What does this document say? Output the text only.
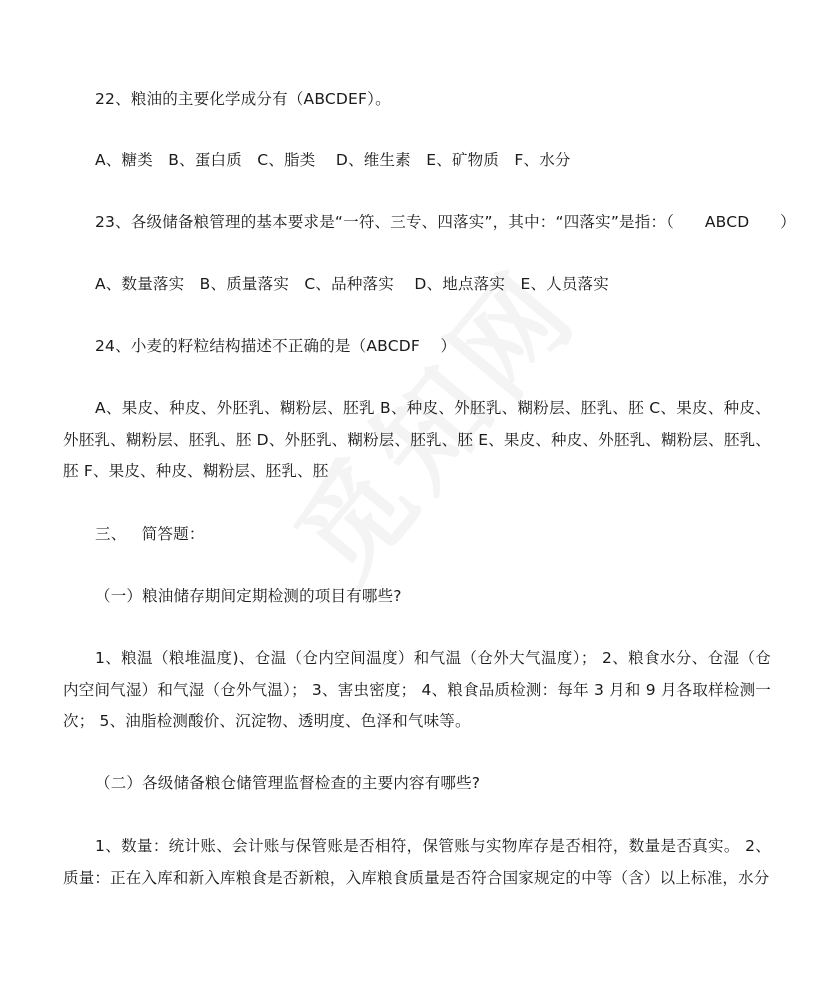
22、粮油的主要化学成分有（ABCDEF）。
A、糖类   B、蛋白质   C、脂类    D、维生素   E、矿物质   F、水分
23、各级储备粮管理的基本要求是“一符、三专、四落实”，其中：“四落实”是指：（      ABCD      ）
A、数量落实   B、质量落实   C、品种落实    D、地点落实   E、人员落实
24、小麦的籽粒结构描述不正确的是（ABCDF    ）
A、果皮、种皮、外胚乳、糊粉层、胚乳 B、种皮、外胚乳、糊粉层、胚乳、胚 C、果皮、种皮、外胚乳、糊粉层、胚乳、胚 D、外胚乳、糊粉层、胚乳、胚 E、果皮、种皮、外胚乳、糊粉层、胚乳、胚 F、果皮、种皮、糊粉层、胚乳、胚
三、   简答题：
（一）粮油储存期间定期检测的项目有哪些?
1、粮温（粮堆温度)、仓温（仓内空间温度）和气温（仓外大气温度）； 2、粮食水分、仓湿（仓内空间气湿）和气湿（仓外气温）； 3、害虫密度； 4、粮食品质检测：每年 3 月和 9 月各取样检测一次； 5、油脂检测酸价、沉淀物、透明度、色泽和气味等。
（二）各级储备粮仓储管理监督检查的主要内容有哪些?
1、数量：统计账、会计账与保管账是否相符，保管账与实物库存是否相符，数量是否真实。 2、质量：正在入库和新入库粮食是否新粮，入库粮食质量是否符合国家规定的中等（含）以上标准，水分
